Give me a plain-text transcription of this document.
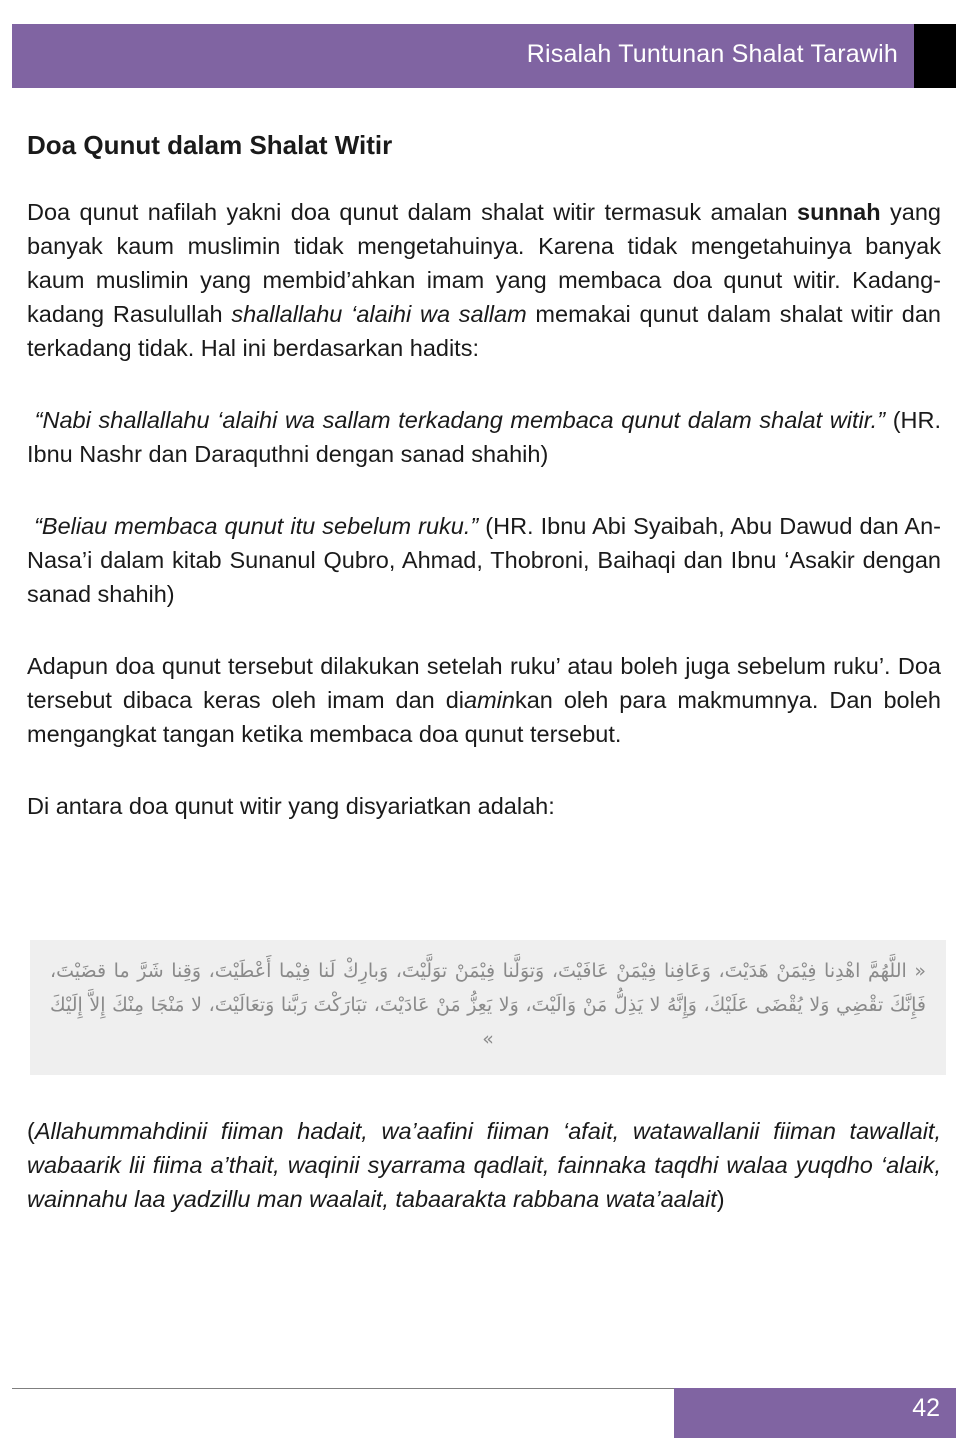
Risalah Tuntunan Shalat Tarawih
Doa Qunut dalam Shalat Witir

Doa qunut nafilah yakni doa qunut dalam shalat witir termasuk amalan sunnah yang banyak kaum muslimin tidak mengetahuinya. Karena tidak mengetahuinya banyak kaum muslimin yang membid’ahkan imam yang membaca doa qunut witir. Kadang-kadang Rasulullah shallallahu ‘alaihi wa sallam memakai qunut dalam shalat witir dan terkadang tidak. Hal ini berdasarkan hadits:

“Nabi shallallahu ‘alaihi wa sallam terkadang membaca qunut dalam shalat witir.” (HR. Ibnu Nashr dan Daraquthni dengan sanad shahih)

“Beliau membaca qunut itu sebelum ruku.” (HR. Ibnu Abi Syaibah, Abu Dawud dan An-Nasa’i dalam kitab Sunanul Qubro, Ahmad, Thobroni, Baihaqi dan Ibnu ‘Asakir dengan sanad shahih)

Adapun doa qunut tersebut dilakukan setelah ruku’ atau boleh juga sebelum ruku’. Doa tersebut dibaca keras oleh imam dan diaminkan oleh para makmumnya. Dan boleh mengangkat tangan ketika membaca doa qunut tersebut.

Di antara doa qunut witir yang disyariatkan adalah:

« اللَّهُمَّ اهْدِنا فِيْمَنْ هَدَيْتَ، وَعَافِنا فِيْمَنْ عَافَيْتَ، وَتوَلَّنا فِيْمَنْ توَلَّيْتَ، وَبارِكْ لَنا فِيْما أَعْطَيْتَ، وَقِنا شَرَّ ما قضَيْتَ، فَإِنَّكَ تقْضِي وَلا يُقْضَى عَلَيْكَ، وَإِنَّهُ لا يَذِلُّ مَنْ وَالَيْتَ، وَلا يَعِزُّ مَنْ عَادَيْتَ، تبَارَكْتَ رَبَّنا وَتعَالَيْتَ، لا مَنْجَا مِنْكَ إِلاَّ إِلَيْكَ »

(Allahummahdinii fiiman hadait, wa’aafini fiiman ‘afait, watawallanii fiiman tawallait, wabaarik lii fiima a’thait, waqinii syarrama qadlait, fainnaka taqdhi walaa yuqdho ‘alaik, wainnahu laa yadzillu man waalait, tabaarakta rabbana wata’aalait)

42
